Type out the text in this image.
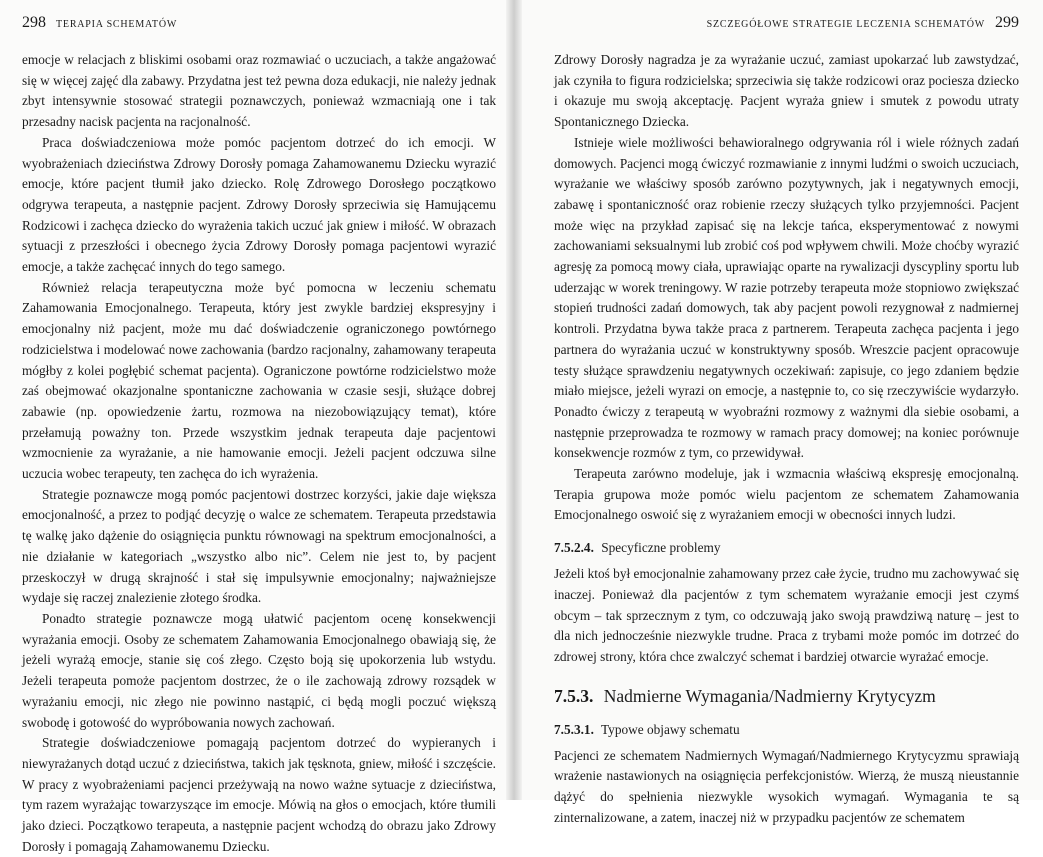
298 TERAPIA SCHEMATÓW

emocje w relacjach z bliskimi osobami oraz rozmawiać o uczuciach, a także angażować się w więcej zajęć dla zabawy. Przydatna jest też pewna doza edukacji, nie należy jednak zbyt intensywnie stosować strategii poznawczych, ponieważ wzmacniają one i tak przesadny nacisk pacjenta na racjonalność.

Praca doświadczeniowa może pomóc pacjentom dotrzeć do ich emocji. W wyobrażeniach dzieciństwa Zdrowy Dorosły pomaga Zahamowanemu Dziecku wyrazić emocje, które pacjent tłumił jako dziecko. Rolę Zdrowego Dorosłego początkowo odgrywa terapeuta, a następnie pacjent. Zdrowy Dorosły sprzeciwia się Hamującemu Rodzicowi i zachęca dziecko do wyrażenia takich uczuć jak gniew i miłość. W obrazach sytuacji z przeszłości i obecnego życia Zdrowy Dorosły pomaga pacjentowi wyrazić emocje, a także zachęcać innych do tego samego.

Również relacja terapeutyczna może być pomocna w leczeniu schematu Zahamowania Emocjonalnego. Terapeuta, który jest zwykle bardziej ekspresyjny i emocjonalny niż pacjent, może mu dać doświadczenie ograniczonego powtórnego rodzicielstwa i modelować nowe zachowania (bardzo racjonalny, zahamowany terapeuta mógłby z kolei pogłębić schemat pacjenta). Ograniczone powtórne rodzicielstwo może zaś obejmować okazjonalne spontaniczne zachowania w czasie sesji, służące dobrej zabawie (np. opowiedzenie żartu, rozmowa na niezobowiązujący temat), które przełamują poważny ton. Przede wszystkim jednak terapeuta daje pacjentowi wzmocnienie za wyrażanie, a nie hamowanie emocji. Jeżeli pacjent odczuwa silne uczucia wobec terapeuty, ten zachęca do ich wyrażenia.

Strategie poznawcze mogą pomóc pacjentowi dostrzec korzyści, jakie daje większa emocjonalność, a przez to podjąć decyzję o walce ze schematem. Terapeuta przedstawia tę walkę jako dążenie do osiągnięcia punktu równowagi na spektrum emocjonalności, a nie działanie w kategoriach „wszystko albo nic”. Celem nie jest to, by pacjent przeskoczył w drugą skrajność i stał się impulsywnie emocjonalny; najważniejsze wydaje się raczej znalezienie złotego środka.

Ponadto strategie poznawcze mogą ułatwić pacjentom ocenę konsekwencji wyrażania emocji. Osoby ze schematem Zahamowania Emocjonalnego obawiają się, że jeżeli wyrażą emocje, stanie się coś złego. Często boją się upokorzenia lub wstydu. Jeżeli terapeuta pomoże pacjentom dostrzec, że o ile zachowają zdrowy rozsądek w wyrażaniu emocji, nic złego nie powinno nastąpić, ci będą mogli poczuć większą swobodę i gotowość do wypróbowania nowych zachowań.

Strategie doświadczeniowe pomagają pacjentom dotrzeć do wypieranych i niewyrażanych dotąd uczuć z dzieciństwa, takich jak tęsknota, gniew, miłość i szczęście. W pracy z wyobrażeniami pacjenci przeżywają na nowo ważne sytuacje z dzieciństwa, tym razem wyrażając towarzyszące im emocje. Mówią na głos o emocjach, które tłumili jako dzieci. Początkowo terapeuta, a następnie pacjent wchodzą do obrazu jako Zdrowy Dorosły i pomagają Zahamowanemu Dziecku.

SZCZEGÓŁOWE STRATEGIE LECZENIA SCHEMATÓW 299

Zdrowy Dorosły nagradza je za wyrażanie uczuć, zamiast upokarzać lub zawstydzać, jak czyniła to figura rodzicielska; sprzeciwia się także rodzicowi oraz pociesza dziecko i okazuje mu swoją akceptację. Pacjent wyraża gniew i smutek z powodu utraty Spontanicznego Dziecka.

Istnieje wiele możliwości behawioralnego odgrywania ról i wiele różnych zadań domowych. Pacjenci mogą ćwiczyć rozmawianie z innymi ludźmi o swoich uczuciach, wyrażanie we właściwy sposób zarówno pozytywnych, jak i negatywnych emocji, zabawę i spontaniczność oraz robienie rzeczy służących tylko przyjemności. Pacjent może więc na przykład zapisać się na lekcje tańca, eksperymentować z nowymi zachowaniami seksualnymi lub zrobić coś pod wpływem chwili. Może choćby wyrazić agresję za pomocą mowy ciała, uprawiając oparte na rywalizacji dyscypliny sportu lub uderzając w worek treningowy. W razie potrzeby terapeuta może stopniowo zwiększać stopień trudności zadań domowych, tak aby pacjent powoli rezygnował z nadmiernej kontroli. Przydatna bywa także praca z partnerem. Terapeuta zachęca pacjenta i jego partnera do wyrażania uczuć w konstruktywny sposób. Wreszcie pacjent opracowuje testy służące sprawdzeniu negatywnych oczekiwań: zapisuje, co jego zdaniem będzie miało miejsce, jeżeli wyrazi on emocje, a następnie to, co się rzeczywiście wydarzyło. Ponadto ćwiczy z terapeutą w wyobraźni rozmowy z ważnymi dla siebie osobami, a następnie przeprowadza te rozmowy w ramach pracy domowej; na koniec porównuje konsekwencje rozmów z tym, co przewidywał.

Terapeuta zarówno modeluje, jak i wzmacnia właściwą ekspresję emocjonalną. Terapia grupowa może pomóc wielu pacjentom ze schematem Zahamowania Emocjonalnego oswoić się z wyrażaniem emocji w obecności innych ludzi.

7.5.2.4. Specyficzne problemy

Jeżeli ktoś był emocjonalnie zahamowany przez całe życie, trudno mu zachowywać się inaczej. Ponieważ dla pacjentów z tym schematem wyrażanie emocji jest czymś obcym – tak sprzecznym z tym, co odczuwają jako swoją prawdziwą naturę – jest to dla nich jednocześnie niezwykle trudne. Praca z trybami może pomóc im dotrzeć do zdrowej strony, która chce zwalczyć schemat i bardziej otwarcie wyrażać emocje.

7.5.3. Nadmierne Wymagania/Nadmierny Krytycyzm
7.5.3.1. Typowe objawy schematu

Pacjenci ze schematem Nadmiernych Wymagań/Nadmiernego Krytycyzmu sprawiają wrażenie nastawionych na osiągnięcia perfekcjonistów. Wierzą, że muszą nieustannie dążyć do spełnienia niezwykle wysokich wymagań. Wymagania te są zinternalizowane, a zatem, inaczej niż w przypadku pacjentów ze schematem
